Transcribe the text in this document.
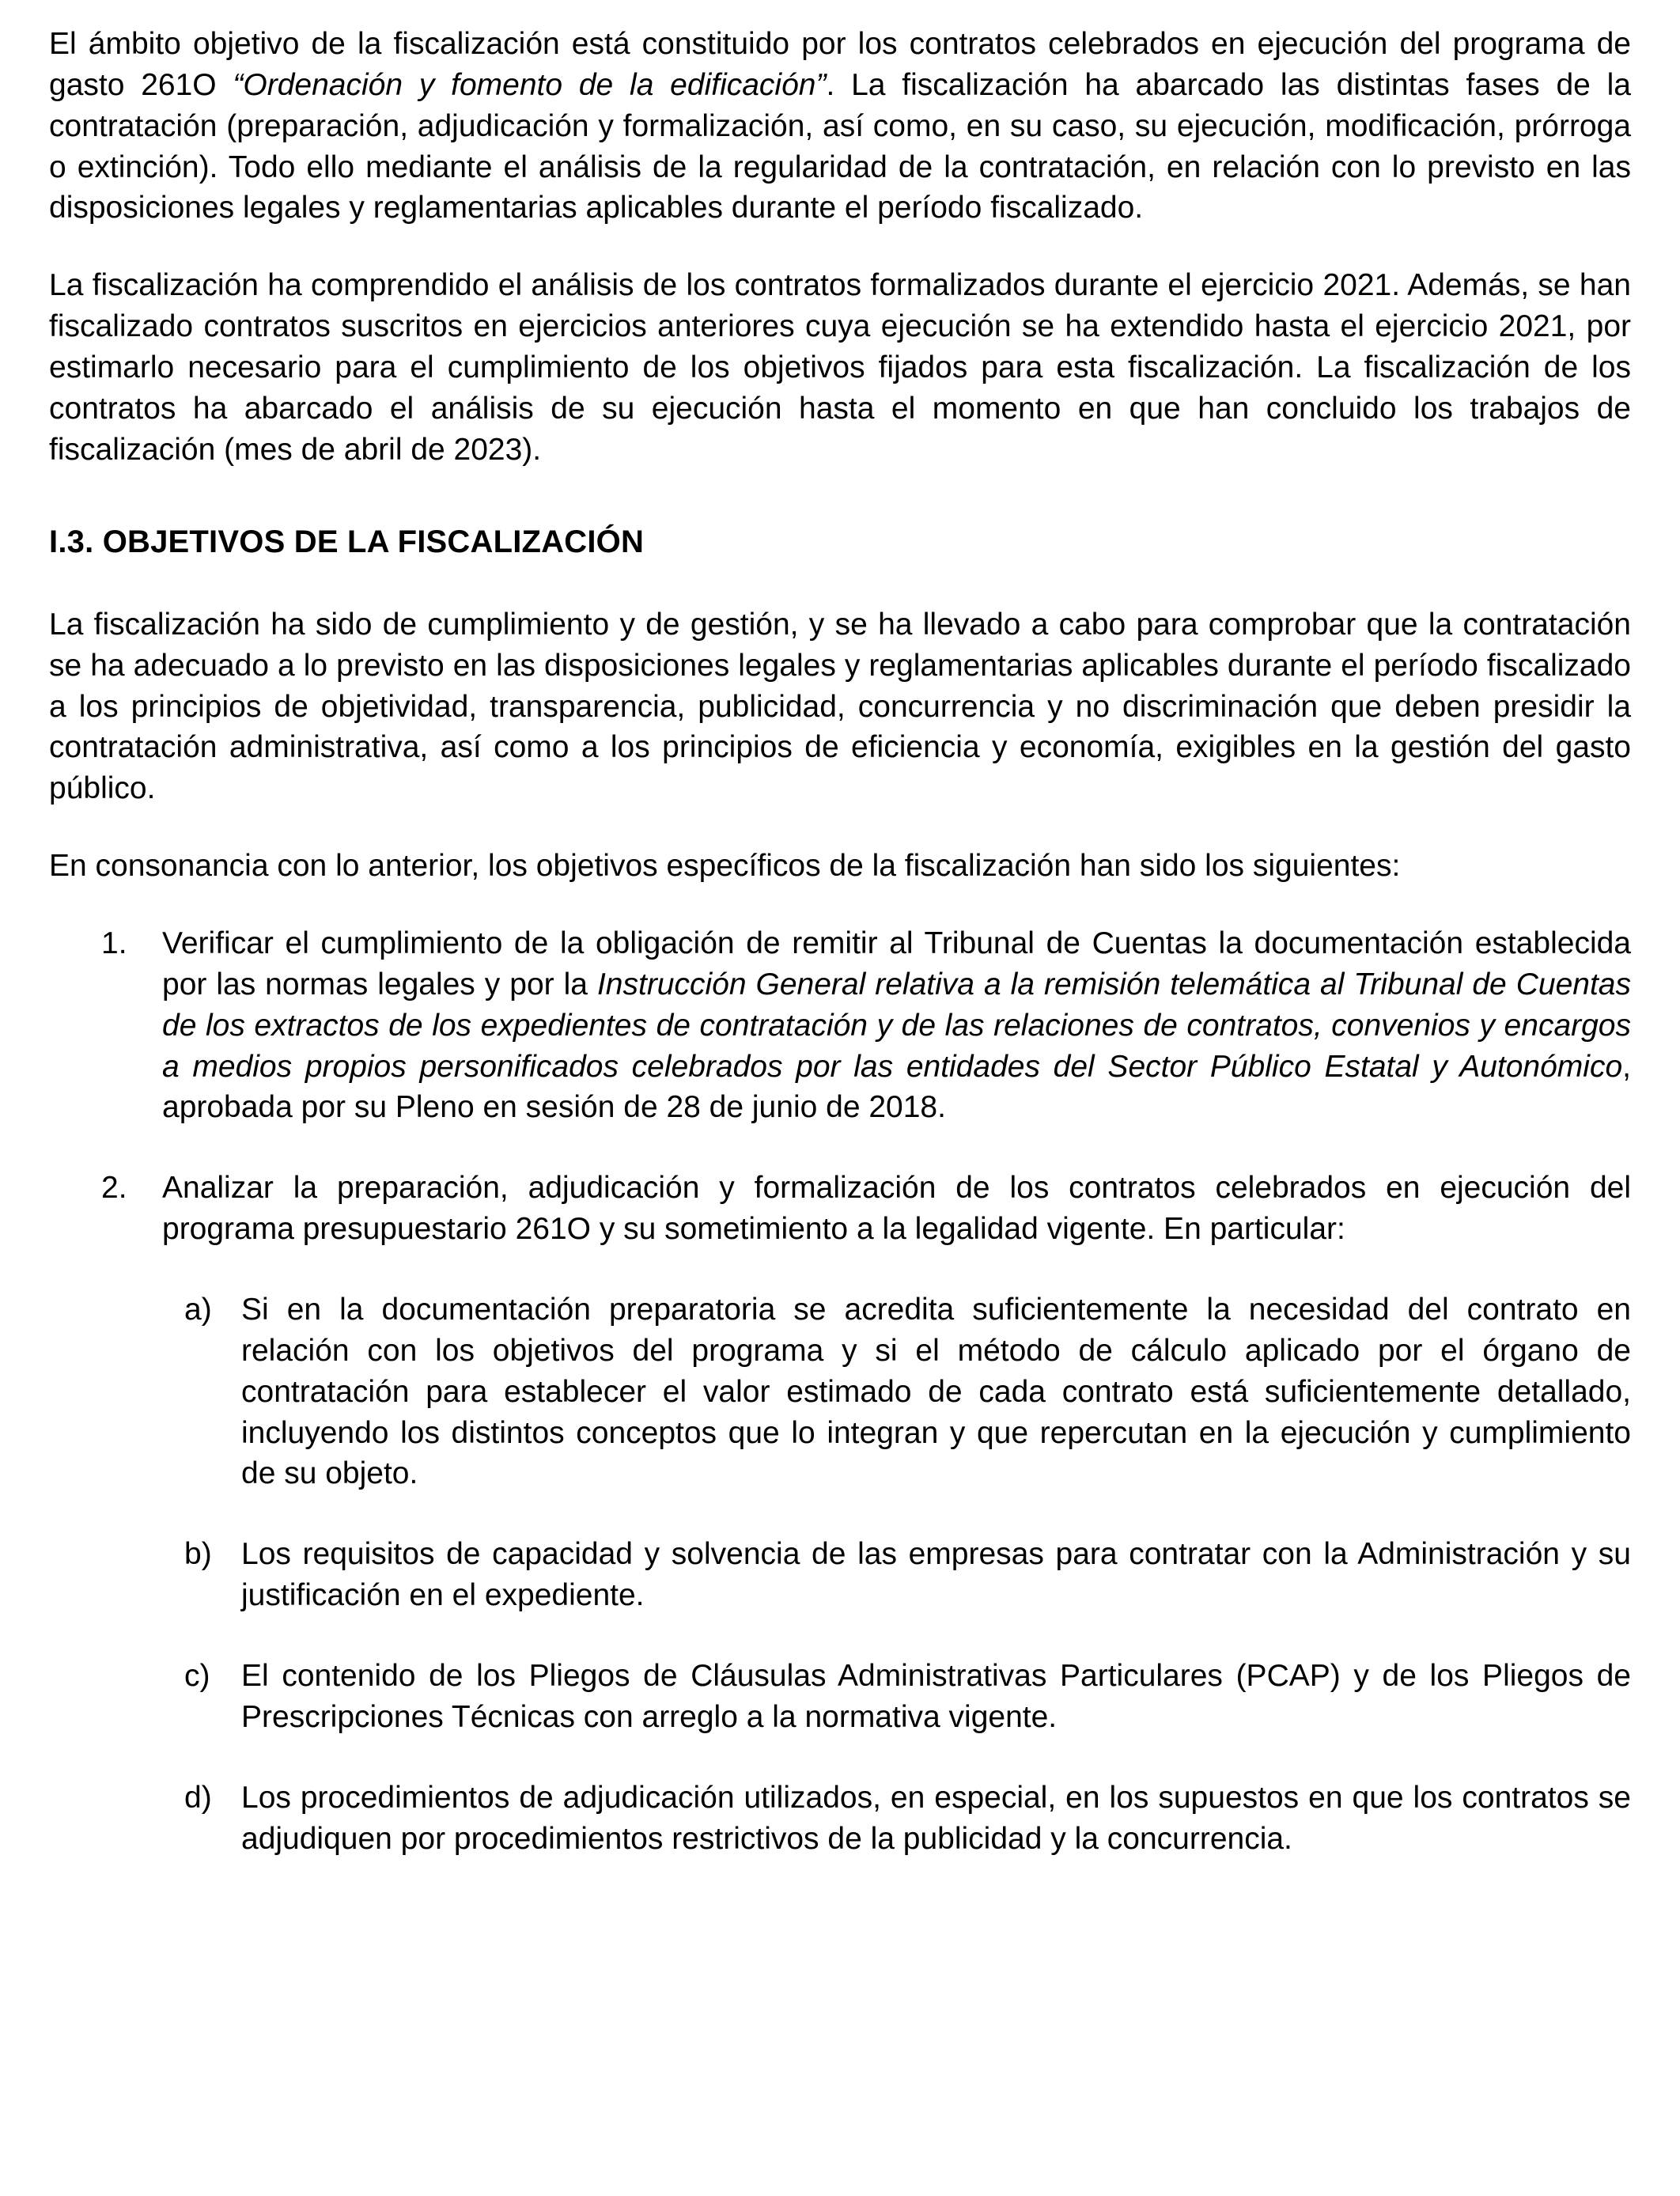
El ámbito objetivo de la fiscalización está constituido por los contratos celebrados en ejecución del programa de gasto 261O “Ordenación y fomento de la edificación”. La fiscalización ha abarcado las distintas fases de la contratación (preparación, adjudicación y formalización, así como, en su caso, su ejecución, modificación, prórroga o extinción). Todo ello mediante el análisis de la regularidad de la contratación, en relación con lo previsto en las disposiciones legales y reglamentarias aplicables durante el período fiscalizado.
La fiscalización ha comprendido el análisis de los contratos formalizados durante el ejercicio 2021. Además, se han fiscalizado contratos suscritos en ejercicios anteriores cuya ejecución se ha extendido hasta el ejercicio 2021, por estimarlo necesario para el cumplimiento de los objetivos fijados para esta fiscalización. La fiscalización de los contratos ha abarcado el análisis de su ejecución hasta el momento en que han concluido los trabajos de fiscalización (mes de abril de 2023).
I.3. OBJETIVOS DE LA FISCALIZACIÓN
La fiscalización ha sido de cumplimiento y de gestión, y se ha llevado a cabo para comprobar que la contratación se ha adecuado a lo previsto en las disposiciones legales y reglamentarias aplicables durante el período fiscalizado a los principios de objetividad, transparencia, publicidad, concurrencia y no discriminación que deben presidir la contratación administrativa, así como a los principios de eficiencia y economía, exigibles en la gestión del gasto público.
En consonancia con lo anterior, los objetivos específicos de la fiscalización han sido los siguientes:
1. Verificar el cumplimiento de la obligación de remitir al Tribunal de Cuentas la documentación establecida por las normas legales y por la Instrucción General relativa a la remisión telemática al Tribunal de Cuentas de los extractos de los expedientes de contratación y de las relaciones de contratos, convenios y encargos a medios propios personificados celebrados por las entidades del Sector Público Estatal y Autonómico, aprobada por su Pleno en sesión de 28 de junio de 2018.
2. Analizar la preparación, adjudicación y formalización de los contratos celebrados en ejecución del programa presupuestario 261O y su sometimiento a la legalidad vigente. En particular:
a) Si en la documentación preparatoria se acredita suficientemente la necesidad del contrato en relación con los objetivos del programa y si el método de cálculo aplicado por el órgano de contratación para establecer el valor estimado de cada contrato está suficientemente detallado, incluyendo los distintos conceptos que lo integran y que repercutan en la ejecución y cumplimiento de su objeto.
b) Los requisitos de capacidad y solvencia de las empresas para contratar con la Administración y su justificación en el expediente.
c) El contenido de los Pliegos de Cláusulas Administrativas Particulares (PCAP) y de los Pliegos de Prescripciones Técnicas con arreglo a la normativa vigente.
d) Los procedimientos de adjudicación utilizados, en especial, en los supuestos en que los contratos se adjudiquen por procedimientos restrictivos de la publicidad y la concurrencia.
